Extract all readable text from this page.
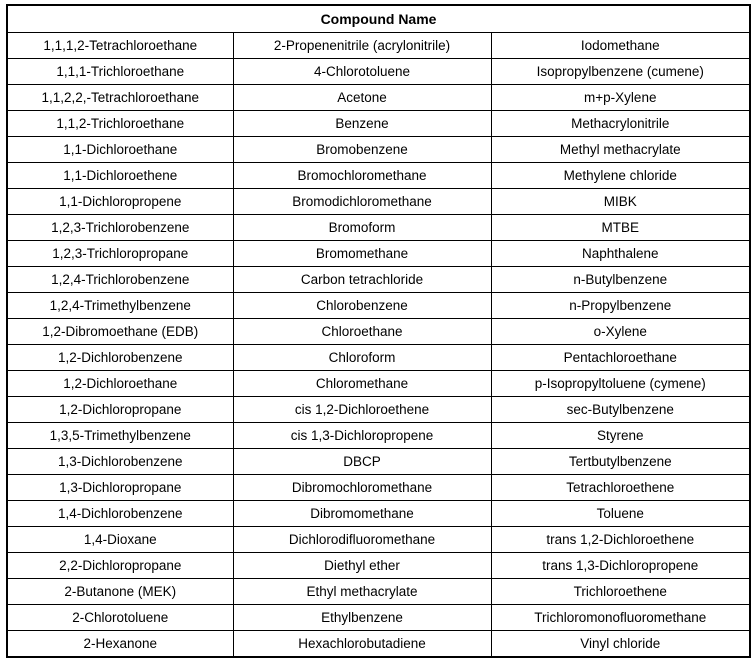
Compound Name		
1,1,1,2-Tetrachloroethane	2-Propenenitrile (acrylonitrile)	Iodomethane
1,1,1-Trichloroethane	4-Chlorotoluene	Isopropylbenzene (cumene)
1,1,2,2,-Tetrachloroethane	Acetone	m+p-Xylene
1,1,2-Trichloroethane	Benzene	Methacrylonitrile
1,1-Dichloroethane	Bromobenzene	Methyl methacrylate
1,1-Dichloroethene	Bromochloromethane	Methylene chloride
1,1-Dichloropropene	Bromodichloromethane	MIBK
1,2,3-Trichlorobenzene	Bromoform	MTBE
1,2,3-Trichloropropane	Bromomethane	Naphthalene
1,2,4-Trichlorobenzene	Carbon tetrachloride	n-Butylbenzene
1,2,4-Trimethylbenzene	Chlorobenzene	n-Propylbenzene
1,2-Dibromoethane (EDB)	Chloroethane	o-Xylene
1,2-Dichlorobenzene	Chloroform	Pentachloroethane
1,2-Dichloroethane	Chloromethane	p-Isopropyltoluene (cymene)
1,2-Dichloropropane	cis 1,2-Dichloroethene	sec-Butylbenzene
1,3,5-Trimethylbenzene	cis 1,3-Dichloropropene	Styrene
1,3-Dichlorobenzene	DBCP	Tertbutylbenzene
1,3-Dichloropropane	Dibromochloromethane	Tetrachloroethene
1,4-Dichlorobenzene	Dibromomethane	Toluene
1,4-Dioxane	Dichlorodifluoromethane	trans 1,2-Dichloroethene
2,2-Dichloropropane	Diethyl ether	trans 1,3-Dichloropropene
2-Butanone (MEK)	Ethyl methacrylate	Trichloroethene
2-Chlorotoluene	Ethylbenzene	Trichloromonofluoromethane
2-Hexanone	Hexachlorobutadiene	Vinyl chloride
